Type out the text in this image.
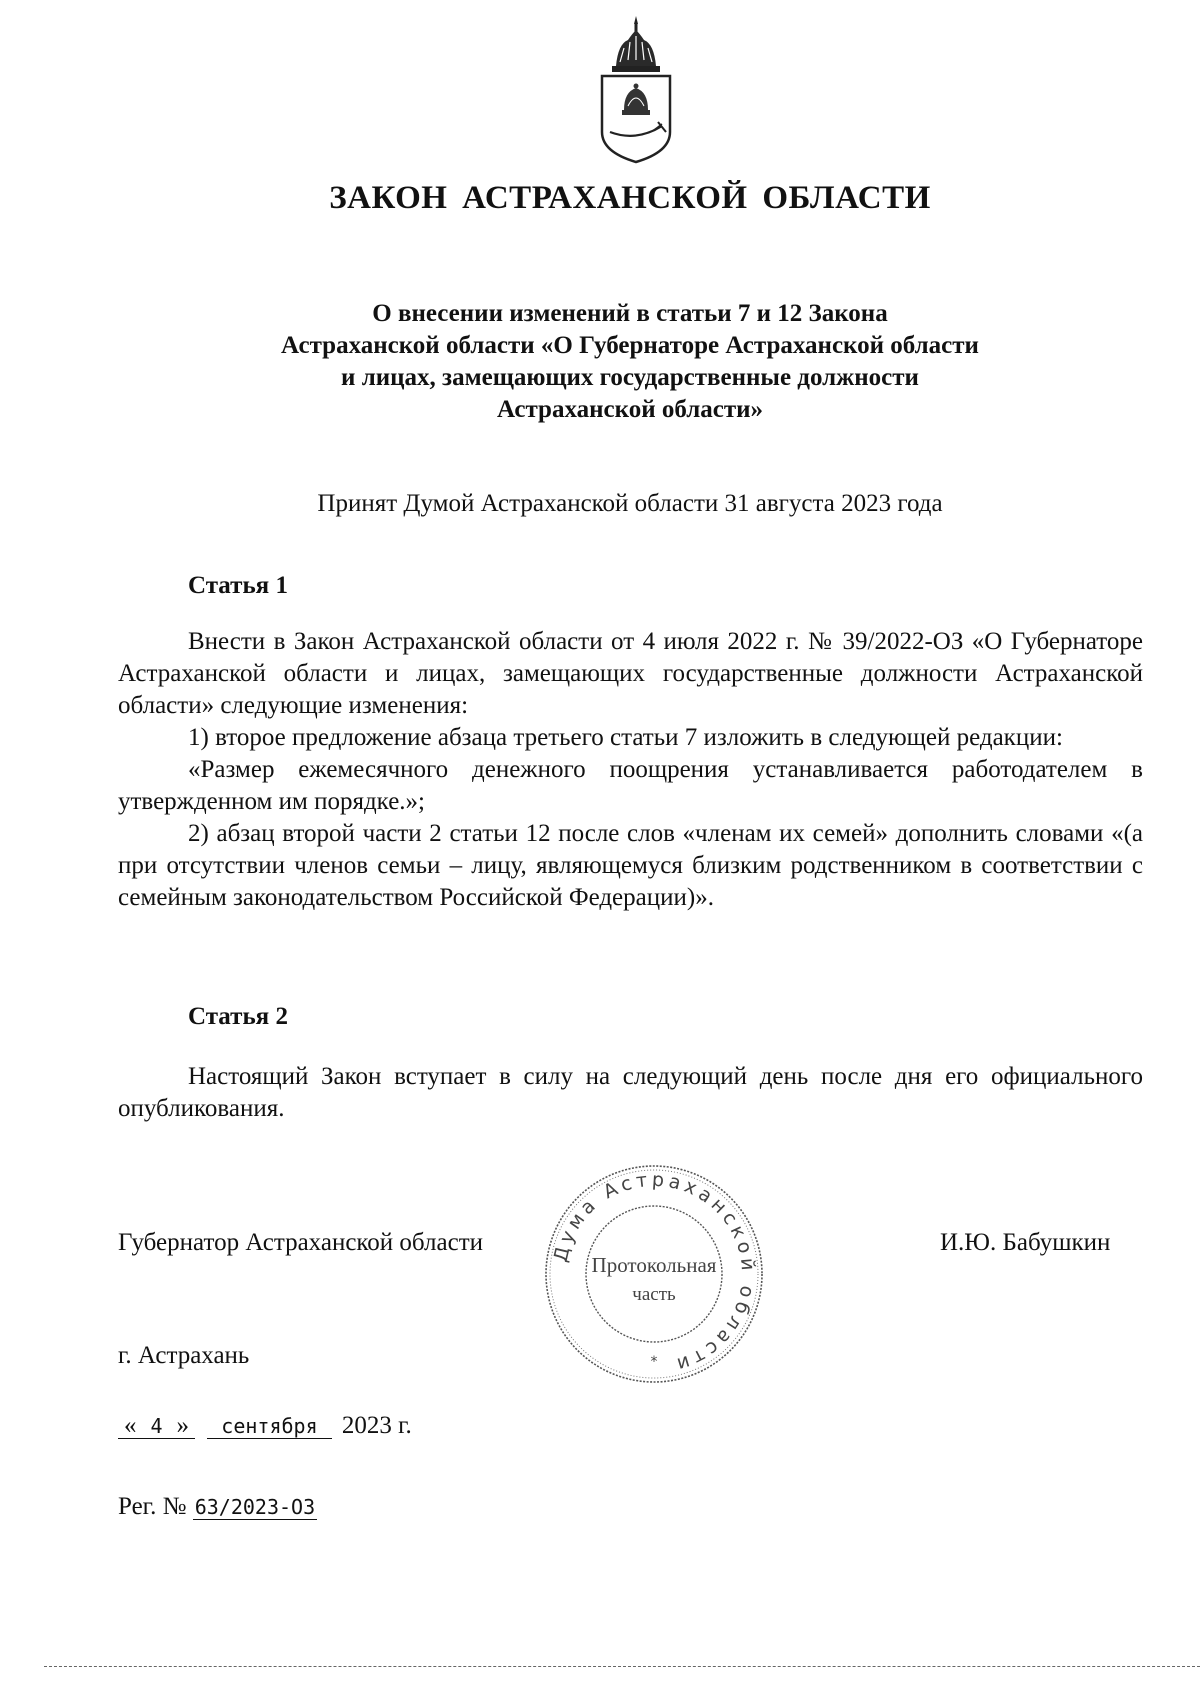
ЗАКОН АСТРАХАНСКОЙ ОБЛАСТИ
О внесении изменений в статьи 7 и 12 Закона
Астраханской области «О Губернаторе Астраханской области
и лицах, замещающих государственные должности
Астраханской области»

Принят Думой Астраханской области 31 августа 2023 года

Статья 1

Внести в Закон Астраханской области от 4 июля 2022 г. № 39/2022-ОЗ «О Губернаторе Астраханской области и лицах, замещающих государственные должности Астраханской области» следующие изменения:

1) второе предложение абзаца третьего статьи 7 изложить в следующей редакции:

«Размер ежемесячного денежного поощрения устанавливается работодателем в утвержденном им порядке.»;

2) абзац второй части 2 статьи 12 после слов «членам их семей» дополнить словами «(а при отсутствии членов семьи – лицу, являющемуся близким родственником в соответствии с семейным законодательством Российской Федерации)».

Статья 2

Настоящий Закон вступает в силу на следующий день после дня его официального опубликования.

Губернатор Астраханской области	И.Ю. Бабушкин

Дума Астраханской области
Протокольная
часть
*

г. Астрахань

« 4 » сентября 2023 г.

Рег. № 63/2023-ОЗ
